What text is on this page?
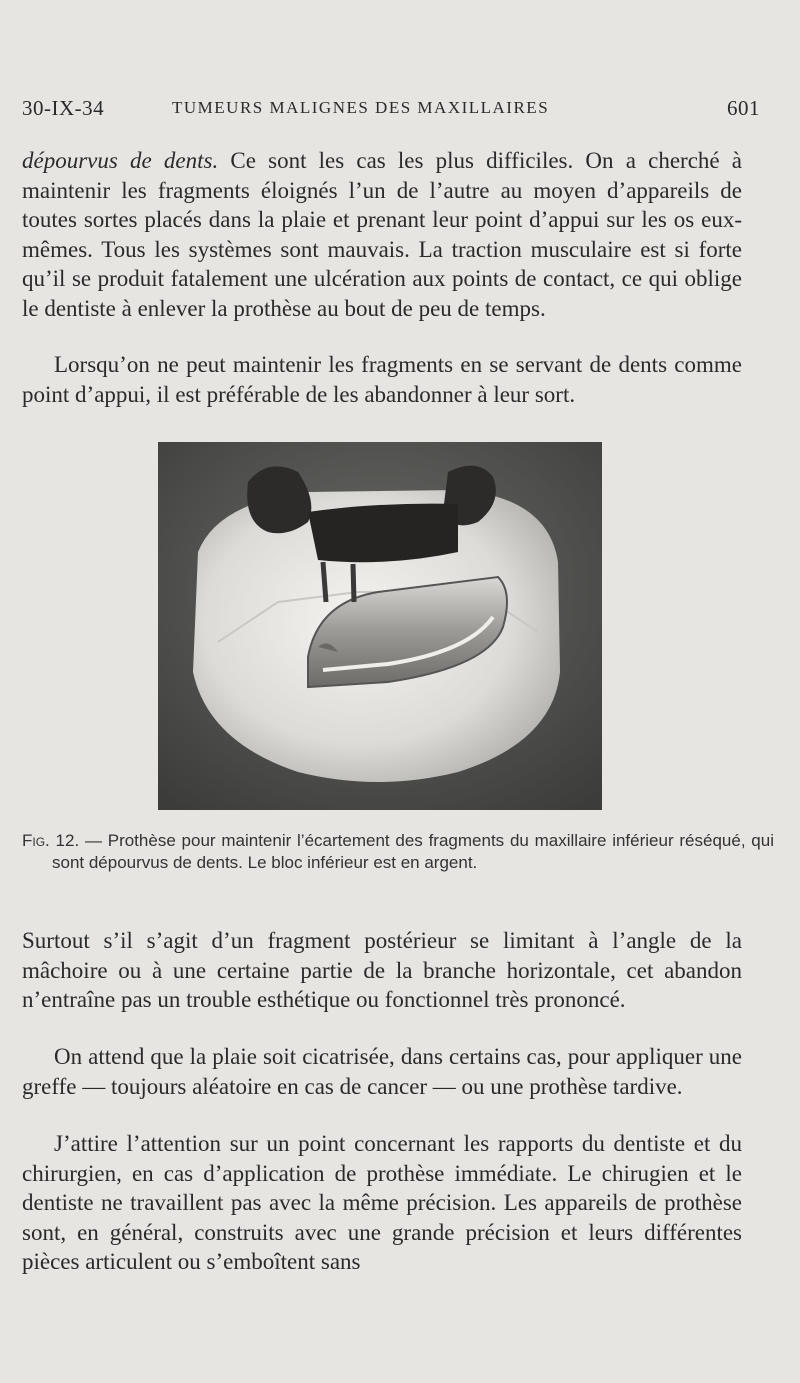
30-IX-34	TUMEURS MALIGNES DES MAXILLAIRES	601

dépourvus de dents. Ce sont les cas les plus difficiles. On a cherché à maintenir les fragments éloignés l’un de l’autre au moyen d’appareils de toutes sortes placés dans la plaie et prenant leur point d’appui sur les os eux-mêmes. Tous les systèmes sont mauvais. La traction musculaire est si forte qu’il se produit fatalement une ulcération aux points de contact, ce qui oblige le dentiste à enlever la prothèse au bout de peu de temps.

Lorsqu’on ne peut maintenir les fragments en se servant de dents comme point d’appui, il est préférable de les abandonner à leur sort.

Fig. 12. — Prothèse pour maintenir l’écartement des fragments du maxillaire inférieur réséqué, qui sont dépourvus de dents. Le bloc inférieur est en argent.

Surtout s’il s’agit d’un fragment postérieur se limitant à l’angle de la mâchoire ou à une certaine partie de la branche horizontale, cet abandon n’entraîne pas un trouble esthétique ou fonctionnel très prononcé.

On attend que la plaie soit cicatrisée, dans certains cas, pour appliquer une greffe — toujours aléatoire en cas de cancer — ou une prothèse tardive.

J’attire l’attention sur un point concernant les rapports du dentiste et du chirurgien, en cas d’application de prothèse immédiate. Le chirugien et le dentiste ne travaillent pas avec la même précision. Les appareils de prothèse sont, en général, construits avec une grande précision et leurs différentes pièces articulent ou s’emboîtent sans
